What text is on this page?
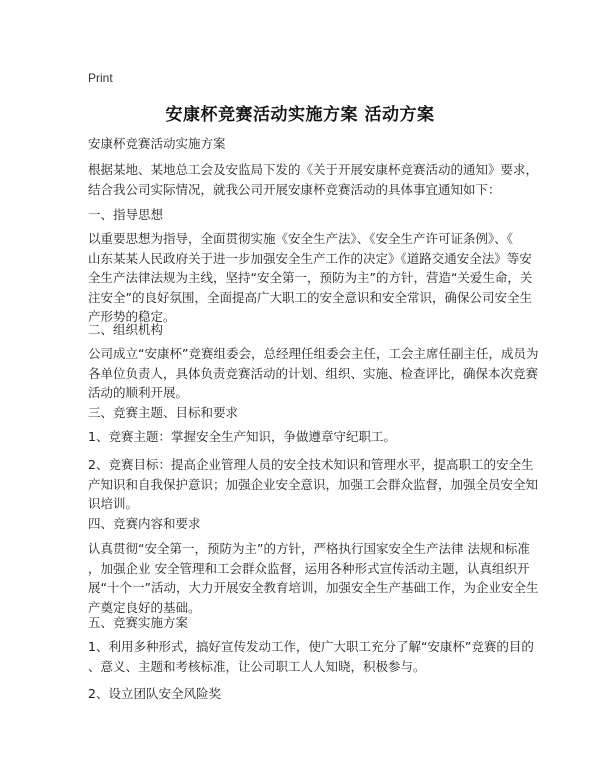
Print
安康杯竞赛活动实施方案 活动方案
安康杯竞赛活动实施方案

根据某地、某地总工会及安监局下发的《关于开展安康杯竞赛活动的通知》要求，
结合我公司实际情况，就我公司开展安康杯竞赛活动的具体事宜通知如下：

一、指导思想

以重要思想为指导，全面贯彻实施《安全生产法》、《安全生产许可证条例》、《
山东某某人民政府关于进一步加强安全生产工作的决定》《道路交通安全法》等安
全生产法律法规为主线，坚持“安全第一，预防为主”的方针，营造“关爱生命，关
注安全”的良好氛围，全面提高广大职工的安全意识和安全常识，确保公司安全生
产形势的稳定。

二、组织机构

公司成立“安康杯”竞赛组委会，总经理任组委会主任，工会主席任副主任，成员为
各单位负责人，具体负责竞赛活动的计划、组织、实施、检查评比，确保本次竞赛
活动的顺利开展。

三、竞赛主题、目标和要求

1、竞赛主题：掌握安全生产知识，争做遵章守纪职工。

2、竞赛目标：提高企业管理人员的安全技术知识和管理水平，提高职工的安全生
产知识和自我保护意识；加强企业安全意识，加强工会群众监督，加强全员安全知
识培训。

四、竞赛内容和要求

认真贯彻“安全第一，预防为主”的方针，严格执行国家安全生产法律 法规和标准
，加强企业 安全管理和工会群众监督，运用各种形式宣传活动主题，认真组织开
展“十个一”活动，大力开展安全教育培训，加强安全生产基础工作，为企业安全生
产奠定良好的基础。

五、竞赛实施方案

1、利用多种形式，搞好宣传发动工作，使广大职工充分了解“安康杯”竞赛的目的
、意义、主题和考核标准，让公司职工人人知晓，积极参与。

2、设立团队安全风险奖
